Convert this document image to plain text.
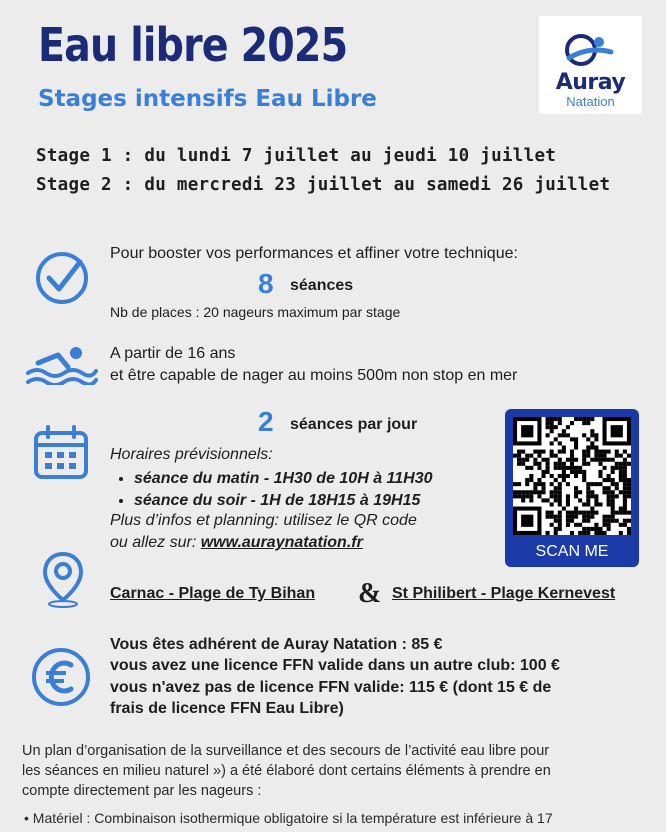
Eau libre 2025
Stages intensifs Eau Libre
Auray
Natation
Stage 1 : du lundi 7 juillet au jeudi 10 juillet
Stage 2 : du mercredi 23 juillet au samedi 26 juillet
Pour booster vos performances et affiner votre technique:
8 séances
Nb de places : 20 nageurs maximum par stage
A partir de 16 ans
et être capable de nager au moins 500m non stop en mer
2 séances par jour
Horaires prévisionnels:
• séance du matin - 1H30 de 10H à 11H30
• séance du soir - 1H de 18H15 à 19H15
Plus d’infos et planning: utilisez le QR code
ou allez sur: www.auraynatation.fr
SCAN ME
Carnac - Plage de Ty Bihan & St Philibert - Plage Kernevest
Vous êtes adhérent de Auray Natation : 85 €
vous avez une licence FFN valide dans un autre club: 100 €
vous n'avez pas de licence FFN valide: 115 € (dont 15 € de
frais de licence FFN Eau Libre)
Un plan d’organisation de la surveillance et des secours de l’activité eau libre pour
les séances en milieu naturel ») a été élaboré dont certains éléments à prendre en
compte directement par les nageurs :
• Matériel : Combinaison isothermique obligatoire si la température est inférieure à 17
